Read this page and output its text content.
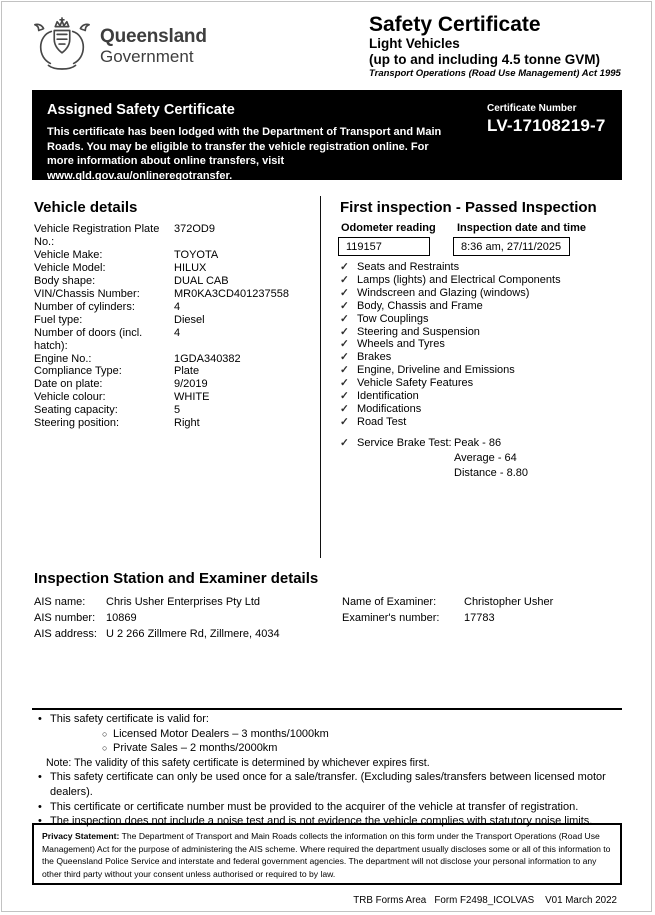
Queensland
Government
Safety Certificate
Light Vehicles
(up to and including 4.5 tonne GVM)
Transport Operations (Road Use Management) Act 1995
Assigned Safety Certificate

This certificate has been lodged with the Department of Transport and Main Roads. You may be eligible to transfer the vehicle registration online. For more information about online transfers, visit www.qld.gov.au/onlineregotransfer.

Certificate Number
LV-17108219-7
Vehicle details
Vehicle Registration Plate No.:
372OD9
Vehicle Make:	TOYOTA
Vehicle Model:	HILUX
Body shape:	DUAL CAB
VIN/Chassis Number:	MR0KA3CD401237558
Number of cylinders:	4
Fuel type:	Diesel
Number of doors (incl. hatch):
4
Engine No.:	1GDA340382
Compliance Type:	Plate
Date on plate:	9/2019
Vehicle colour:	WHITE
Seating capacity:	5
Steering position:	Right
First inspection - Passed Inspection
Odometer reading Inspection date and time
119157	8:36 am, 27/11/2025
✓ Seats and Restraints
✓ Lamps (lights) and Electrical Components
✓ Windscreen and Glazing (windows)
✓ Body, Chassis and Frame
✓ Tow Couplings
✓ Steering and Suspension
✓ Wheels and Tyres
✓ Brakes
✓ Engine, Driveline and Emissions
✓ Vehicle Safety Features
✓ Identification
✓ Modifications
✓ Road Test
✓ Service Brake Test: Peak - 86
Average - 64
Distance - 8.80
Inspection Station and Examiner details
AIS name:	Chris Usher Enterprises Pty Ltd
AIS number: 10869
AIS address: U 2 266 Zillmere Rd, Zillmere, 4034
Name of Examiner:	Christopher Usher
Examiner's number:	17783
• This safety certificate is valid for:
○ Licensed Motor Dealers – 3 months/1000km
○ Private Sales – 2 months/2000km
Note: The validity of this safety certificate is determined by whichever expires first.
• This safety certificate can only be used once for a sale/transfer. (Excluding sales/transfers between licensed motor dealers).
• This certificate or certificate number must be provided to the acquirer of the vehicle at transfer of registration.
• The inspection does not include a noise test and is not evidence the vehicle complies with statutory noise limits.
Privacy Statement: The Department of Transport and Main Roads collects the information on this form under the Transport Operations (Road Use Management) Act for the purpose of administering the AIS scheme. Where required the department usually discloses some or all of this information to the Queensland Police Service and interstate and federal government agencies. The department will not disclose your personal information to any other third party without your consent unless authorised or required to by law.
TRB Forms Area   Form F2498_ICOLVAS    V01 March 2022
